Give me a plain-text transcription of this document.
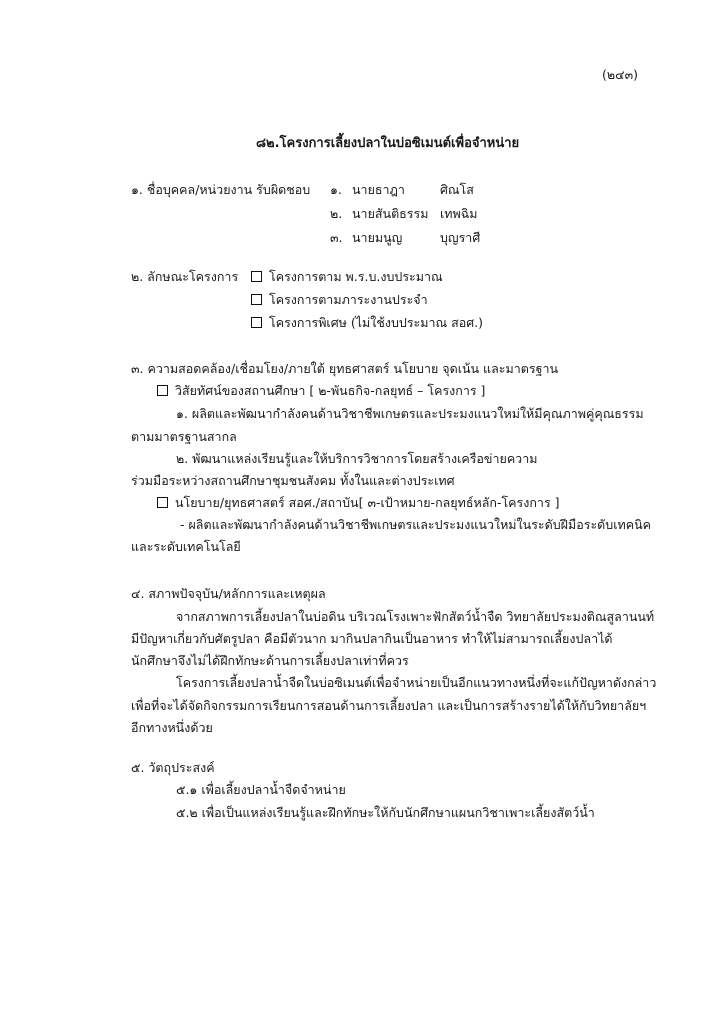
(๒๔๓)
๘๒.โครงการเลี้ยงปลาในบ่อซิเมนต์เพื่อจำหน่าย
๑. ชื่อบุคคล/หน่วยงาน รับผิดชอบ ๑. นายธาฎา	ศิณโส
๒. นายสันติธรรม เทพฉิม
๓. นายมนูญ	บุญราศี
๒. ลักษณะโครงการ	โครงการตาม พ.ร.บ.งบประมาณ
โครงการตามภาระงานประจำ
โครงการพิเศษ (ไม่ใช้งบประมาณ สอศ.)
๓. ความสอดคล้อง/เชื่อมโยง/ภายใต้ ยุทธศาสตร์ นโยบาย จุดเน้น และมาตรฐาน
วิสัยทัศน์ของสถานศึกษา [ ๒-พันธกิจ-กลยุทธ์ – โครงการ ]
๑. ผลิตและพัฒนากำลังคนด้านวิชาชีพเกษตรและประมงแนวใหม่ให้มีคุณภาพคู่คุณธรรม
ตามมาตรฐานสากล
๒. พัฒนาแหล่งเรียนรู้และให้บริการวิชาการโดยสร้างเครือข่ายความ
ร่วมมือระหว่างสถานศึกษาชุมชนสังคม ทั้งในและต่างประเทศ
นโยบาย/ยุทธศาสตร์ สอศ./สถาบัน[ ๓-เป้าหมาย-กลยุทธ์หลัก-โครงการ ]
- ผลิตและพัฒนากำลังคนด้านวิชาชีพเกษตรและประมงแนวใหม่ในระดับฝีมือระดับเทคนิค
และระดับเทคโนโลยี
๔. สภาพปัจจุบัน/หลักการและเหตุผล
จากสภาพการเลี้ยงปลาในบ่อดิน บริเวณโรงเพาะฟักสัตว์น้ำจืด วิทยาลัยประมงติณสูลานนท์
มีปัญหาเกี่ยวกับศัตรูปลา คือมีตัวนาก มากินปลากินเป็นอาหาร ทำให้ไม่สามารถเลี้ยงปลาได้
นักศึกษาจึงไม่ได้ฝึกทักษะด้านการเลี้ยงปลาเท่าที่ควร
โครงการเลี้ยงปลาน้ำจืดในบ่อซิเมนต์เพื่อจำหน่ายเป็นอีกแนวทางหนึ่งที่จะแก้ปัญหาดังกล่าว
เพื่อที่จะได้จัดกิจกรรมการเรียนการสอนด้านการเลี้ยงปลา และเป็นการสร้างรายได้ให้กับวิทยาลัยฯ
อีกทางหนึ่งด้วย
๕. วัตถุประสงค์
๕.๑ เพื่อเลี้ยงปลาน้ำจืดจำหน่าย
๕.๒ เพื่อเป็นแหล่งเรียนรู้และฝึกทักษะให้กับนักศึกษาแผนกวิชาเพาะเลี้ยงสัตว์น้ำ
